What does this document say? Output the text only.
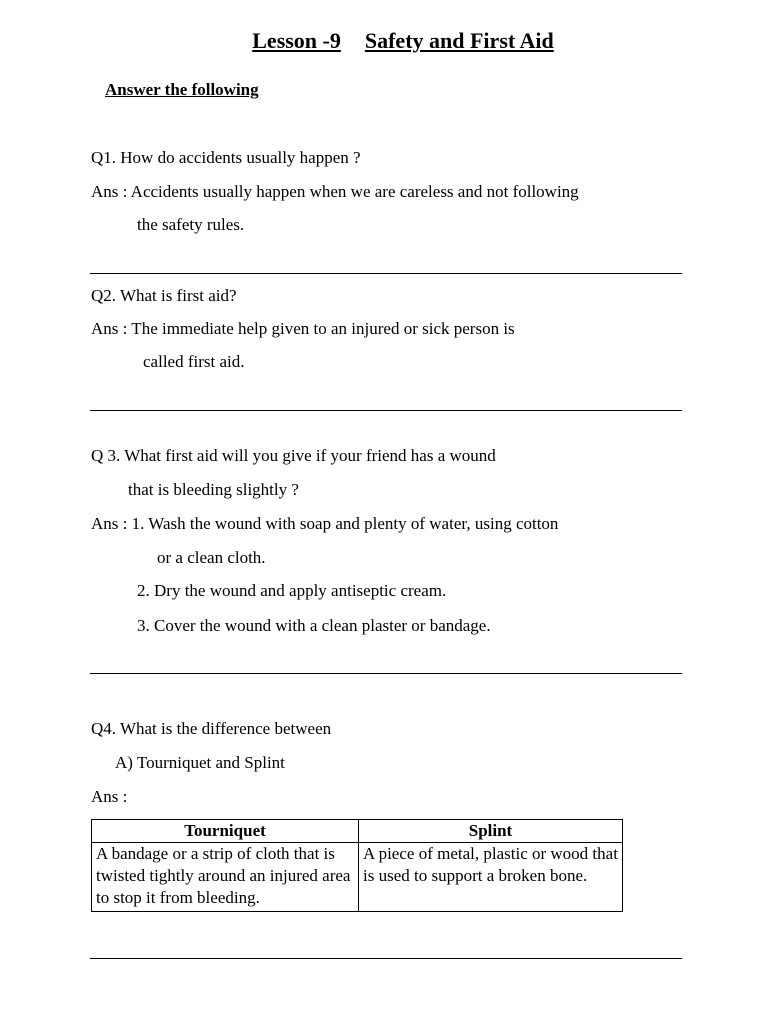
Lesson -9 Safety and First Aid
Answer the following
Q1. How do accidents usually happen ?
Ans : Accidents usually happen when we are careless and not following
the safety rules.
Q2. What is first aid?
Ans : The immediate help given to an injured or sick person is
called first aid.
Q 3. What first aid will you give if your friend has a wound
that is bleeding slightly ?
Ans : 1. Wash the wound with soap and plenty of water, using cotton
or a clean cloth.
2. Dry the wound and apply antiseptic cream.
3. Cover the wound with a clean plaster or bandage.
Q4. What is the difference between
A) Tourniquet and Splint
Ans :
Tourniquet	Splint
A bandage or a strip of cloth that is twisted tightly around an injured area to stop it from bleeding.	A piece of metal, plastic or wood that is used to support a broken bone.
